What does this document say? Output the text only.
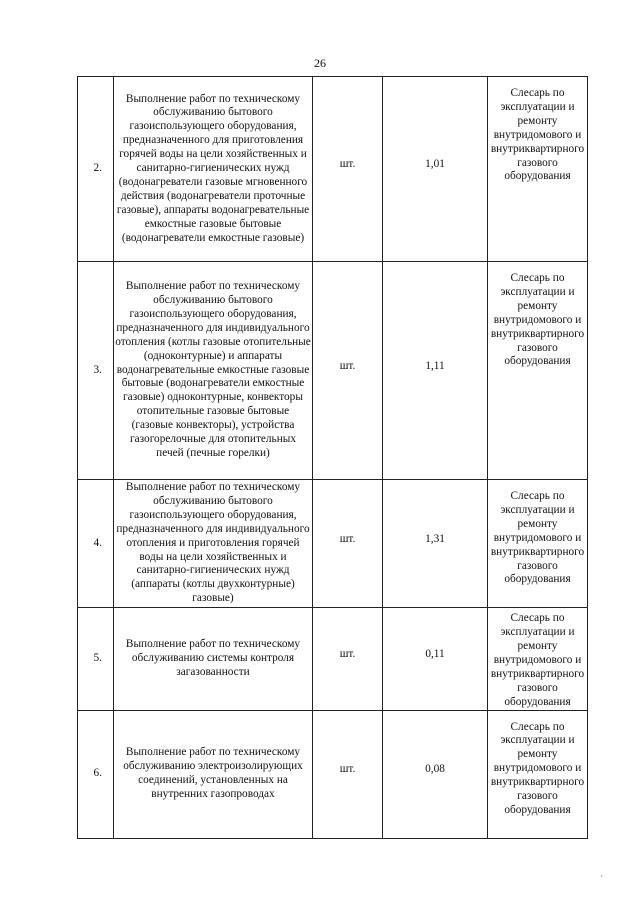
26
2.	Выполнение работ по техническому обслуживанию бытового газоиспользующего оборудования, предназначенного для приготовления горячей воды на цели хозяйственных и санитарно-гигиенических нужд (водонагреватели газовые мгновенного действия (водонагреватели проточные газовые), аппараты водонагревательные емкостные газовые бытовые (водонагреватели емкостные газовые)	шт.	1,01	Слесарь по эксплуатации и ремонту внутридомового и внутриквартирного газового оборудования
3.	Выполнение работ по техническому обслуживанию бытового газоиспользующего оборудования, предназначенного для индивидуального отопления (котлы газовые отопительные (одноконтурные) и аппараты водонагревательные емкостные газовые бытовые (водонагреватели емкостные газовые) одноконтурные, конвекторы отопительные газовые бытовые (газовые конвекторы), устройства газогорелочные для отопительных печей (печные горелки)	шт.	1,11	Слесарь по эксплуатации и ремонту внутридомового и внутриквартирного газового оборудования
4.	Выполнение работ по техническому обслуживанию бытового газоиспользующего оборудования, предназначенного для индивидуального отопления и приготовления горячей воды на цели хозяйственных и санитарно-гигиенических нужд (аппараты (котлы двухконтурные) газовые)	шт.	1,31	Слесарь по эксплуатации и ремонту внутридомового и внутриквартирного газового оборудования
5.	Выполнение работ по техническому обслуживанию системы контроля загазованности	шт.	0,11	Слесарь по эксплуатации и ремонту внутридомового и внутриквартирного газового оборудования
6.	Выполнение работ по техническому обслуживанию электроизолирующих соединений, установленных на внутренних газопроводах	шт.	0,08	Слесарь по эксплуатации и ремонту внутридомового и внутриквартирного газового оборудования
‚
